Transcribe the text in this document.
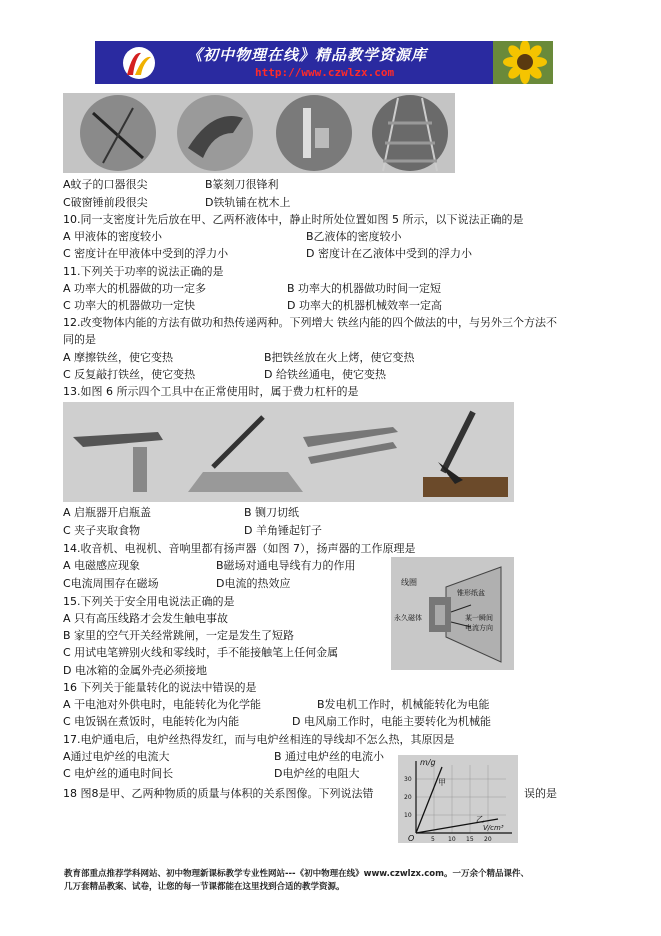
《初中物理在线》精品教学资源库
http://www.czwlzx.com
A蚊子的口器很尖	B篆刻刀很锋利
C破窗锤前段很尖	D铁轨铺在枕木上
10.同一支密度计先后放在甲、乙两杯液体中，静止时所处位置如图 5 所示，以下说法正确的是
A 甲液体的密度较小	B乙液体的密度较小
C 密度计在甲液体中受到的浮力小	D 密度计在乙液体中受到的浮力小
11.下列关于功率的说法正确的是
A 功率大的机器做的功一定多	B 功率大的机器做功时间一定短
C 功率大的机器做功一定快	D 功率大的机器机械效率一定高
12.改变物体内能的方法有做功和热传递两种。下列增大 铁丝内能的四个做法的中，与另外三个方法不
同的是
A 摩擦铁丝，使它变热	B把铁丝放在火上烤，使它变热
C 反复敲打铁丝，使它变热	D 给铁丝通电，使它变热
13.如图 6 所示四个工具中在正常使用时，属于费力杠杆的是
A 启瓶器开启瓶盖	B 铡刀切纸
C 夹子夹取食物	D 羊角锤起钉子
14.收音机、电视机、音响里都有扬声器（如图 7），扬声器的工作原理是
A 电磁感应现象	B磁场对通电导线有力的作用
C电流周围存在磁场	D电流的热效应	线圈
锥形纸盆
永久磁体	某一瞬间
电流方向
15.下列关于安全用电说法正确的是
A 只有高压线路才会发生触电事故
B 家里的空气开关经常跳闸，一定是发生了短路
C 用试电笔辨别火线和零线时，手不能接触笔上任何金属
D 电冰箱的金属外壳必须接地
16 下列关于能量转化的说法中错误的是
A 干电池对外供电时，电能转化为化学能	B发电机工作时，机械能转化为电能
C 电饭锅在煮饭时，电能转化为内能	D 电风扇工作时，电能主要转化为机械能
17.电炉通电后，电炉丝热得发红，而与电炉丝相连的导线却不怎么热，其原因是
A通过电炉丝的电流大	B 通过电炉丝的电流小
C 电炉丝的通电时间长	D电炉丝的电阻大
18 图8是甲、乙两种物质的质量与体积的关系图像。下列说法错	误的是
m/g
V/cm³
甲
乙
O	5 10 15 20
10
20
30
教育部重点推荐学科网站、初中物理新课标教学专业性网站---《初中物理在线》www.czwlzx.com。一万余个精品课件、
几万套精品教案、试卷，让您的每一节课都能在这里找到合适的教学资源。
